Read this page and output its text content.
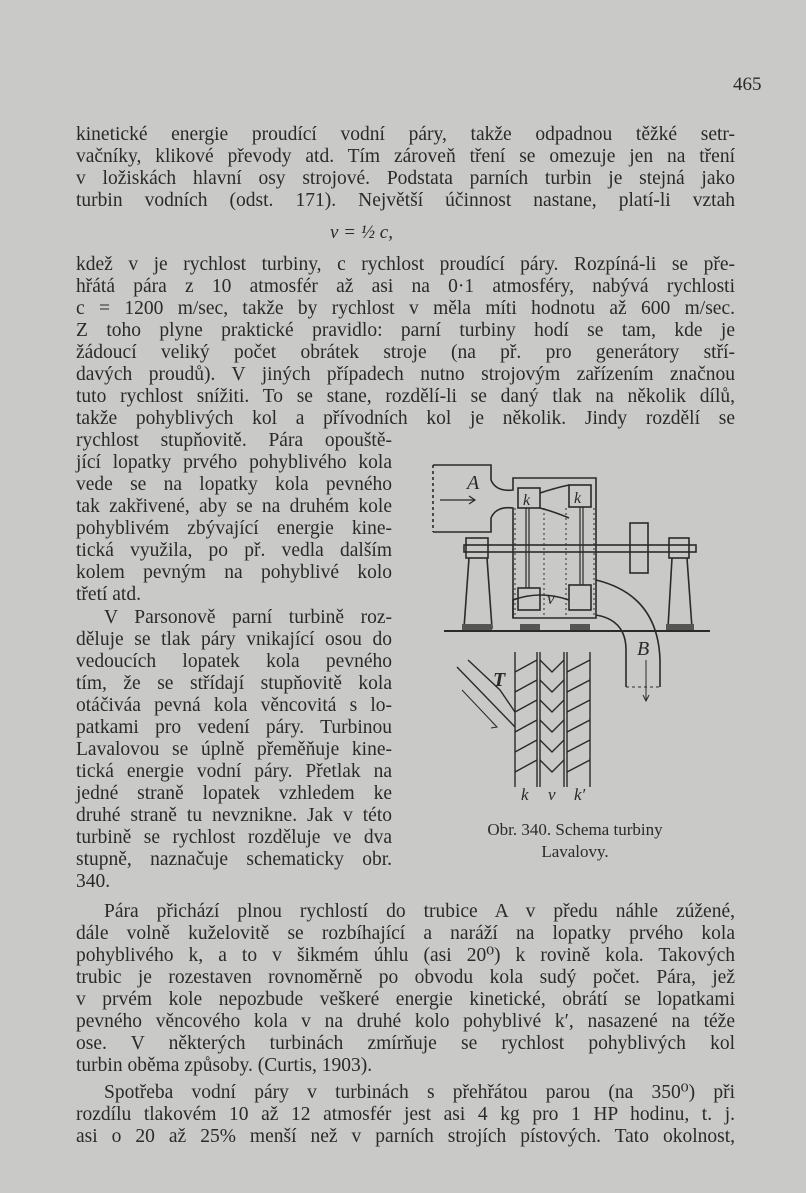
465
kinetické energie proudící vodní páry, takže odpadnou těžké setr-
vačníky, klikové převody atd. Tím zároveň tření se omezuje jen na tření
v ložiskách hlavní osy strojové. Podstata parních turbin je stejná jako
turbin vodních (odst. 171). Největší účinnost nastane, platí-li vztah
v = ½ c,
kdež v je rychlost turbiny, c rychlost proudící páry. Rozpíná-li se pře-
hřátá pára z 10 atmosfér až asi na 0·1 atmosféry, nabývá rychlosti
c = 1200 m/sec, takže by rychlost v měla míti hodnotu až 600 m/sec.
Z toho plyne praktické pravidlo: parní turbiny hodí se tam, kde je
žádoucí veliký počet obrátek stroje (na př. pro generátory stří-
davých proudů). V jiných případech nutno strojovým zařízením značnou
tuto rychlost snížiti. To se stane, rozdělí-li se daný tlak na několik dílů,
takže pohyblivých kol a přívodních kol je několik. Jindy rozdělí se
rychlost stupňovitě. Pára opouště-
jící lopatky prvého pohyblivého kola
vede se na lopatky kola pevného
tak zakřivené, aby se na druhém kole
pohyblivém zbývající energie kine-
tická využila, po př. vedla dalším
kolem pevným na pohyblivé kolo
třetí atd.
V Parsonově parní turbině roz-
děluje se tlak páry vnikající osou do
vedoucích lopatek kola pevného
tím, že se střídají stupňovitě kola
otáčiváa pevná kola věncovitá s lo-
patkami pro vedení páry. Turbinou
Lavalovou se úplně přeměňuje kine-
tická energie vodní páry. Přetlak na
jedné straně lopatek vzhledem ke
druhé straně tu nevznikne. Jak v této
turbině se rychlost rozděluje ve dva
stupně, naznačuje schematicky obr.
340.
A
k	k
v
B
T
k v k′
Obr. 340. Schema turbiny
Lavalovy.
Pára přichází plnou rychlostí do trubice A v předu náhle zúžené,
dále volně kuželovitě se rozbíhající a naráží na lopatky prvého kola
pohyblivého k, a to v šikmém úhlu (asi 20⁰) k rovině kola. Takových
trubic je rozestaven rovnoměrně po obvodu kola sudý počet. Pára, jež
v prvém kole nepozbude veškeré energie kinetické, obrátí se lopatkami
pevného věncového kola v na druhé kolo pohyblivé k′, nasazené na téže
ose. V některých turbinách zmírňuje se rychlost pohyblivých kol
turbin oběma způsoby. (Curtis, 1903).
Spotřeba vodní páry v turbinách s přehřátou parou (na 350⁰) při
rozdílu tlakovém 10 až 12 atmosfér jest asi 4 kg pro 1 HP hodinu, t. j.
asi o 20 až 25% menší než v parních strojích pístových. Tato okolnost,
